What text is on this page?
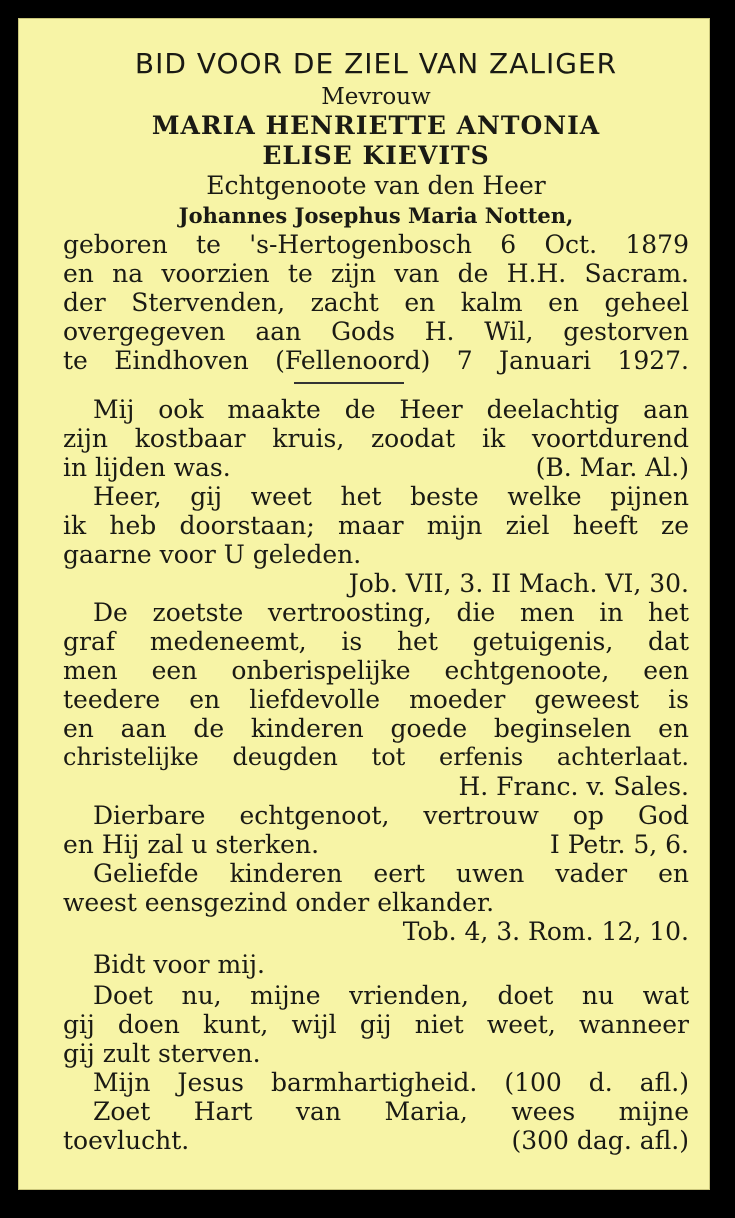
BID VOOR DE ZIEL VAN ZALIGER
Mevrouw
MARIA HENRIETTE ANTONIA
ELISE KIEVITS
Echtgenoote van den Heer
Johannes Josephus Maria Notten,
geboren te 's-Hertogenbosch 6 Oct. 1879
en na voorzien te zijn van de H.H. Sacram.
der Stervenden, zacht en kalm en geheel
overgegeven aan Gods H. Wil, gestorven
te Eindhoven (Fellenoord) 7 Januari 1927.
Mij ook maakte de Heer deelachtig aan
zijn kostbaar kruis, zoodat ik voortdurend
in lijden was.	(B. Mar. Al.)
Heer, gij weet het beste welke pijnen
ik heb doorstaan; maar mijn ziel heeft ze
gaarne voor U geleden.
Job. VII, 3. II Mach. VI, 30.
De zoetste vertroosting, die men in het
graf medeneemt, is het getuigenis, dat
men een onberispelijke echtgenoote, een
teedere en liefdevolle moeder geweest is
en aan de kinderen goede beginselen en
christelijke deugden tot erfenis achterlaat.
H. Franc. v. Sales.
Dierbare echtgenoot, vertrouw op God
en Hij zal u sterken.	I Petr. 5, 6.
Geliefde kinderen eert uwen vader en
weest eensgezind onder elkander.
Tob. 4, 3. Rom. 12, 10.
Bidt voor mij.
Doet nu, mijne vrienden, doet nu wat
gij doen kunt, wijl gij niet weet, wanneer
gij zult sterven.
Mijn Jesus barmhartigheid. (100 d. afl.)
Zoet Hart van Maria, wees mijne
toevlucht.	(300 dag. afl.)
